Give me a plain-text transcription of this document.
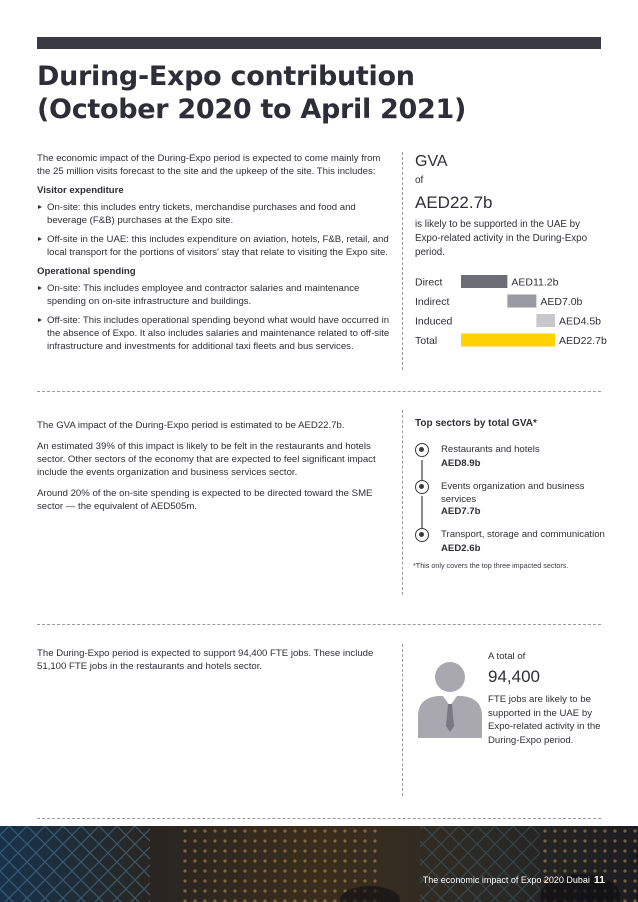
During-Expo contribution
(October 2020 to April 2021)

The economic impact of the During-Expo period is expected to come mainly from the 25 million visits forecast to the site and the upkeep of the site. This includes:

Visitor expenditure
On-site: this includes entry tickets, merchandise purchases and food and beverage (F&B) purchases at the Expo site.
Off-site in the UAE: this includes expenditure on aviation, hotels, F&B, retail, and local transport for the portions of visitors' stay that relate to visiting the Expo site.
Operational spending
On-site: This includes employee and contractor salaries and maintenance spending on on-site infrastructure and buildings.
Off-site: This includes operational spending beyond what would have occurred in the absence of Expo. It also includes salaries and maintenance related to off-site infrastructure and investments for additional taxi fleets and bus services.

GVA

of

AED22.7b

is likely to be supported in the UAE by Expo-related activity in the During-Expo period.

Direct	AED11.2b
Indirect	AED7.0b
Induced	AED4.5b
Total	AED22.7b

The GVA impact of the During-Expo period is estimated to be AED22.7b.

An estimated 39% of this impact is likely to be felt in the restaurants and hotels sector. Other sectors of the economy that are expected to feel significant impact include the events organization and business services sector.

Around 20% of the on-site spending is expected to be directed toward the SME sector — the equivalent of AED505m.

Top sectors by total GVA*

Restaurants and hotels
AED8.9b
Events organization and business services
AED7.7b
Transport, storage and communication
AED2.6b
*This only covers the top three impacted sectors.

The During-Expo period is expected to support 94,400 FTE jobs. These include 51,100 FTE jobs in the restaurants and hotels sector.

A total of

94,400

FTE jobs are likely to be supported in the UAE by Expo-related activity in the During-Expo period.

The economic impact of Expo 2020 Dubai 11
